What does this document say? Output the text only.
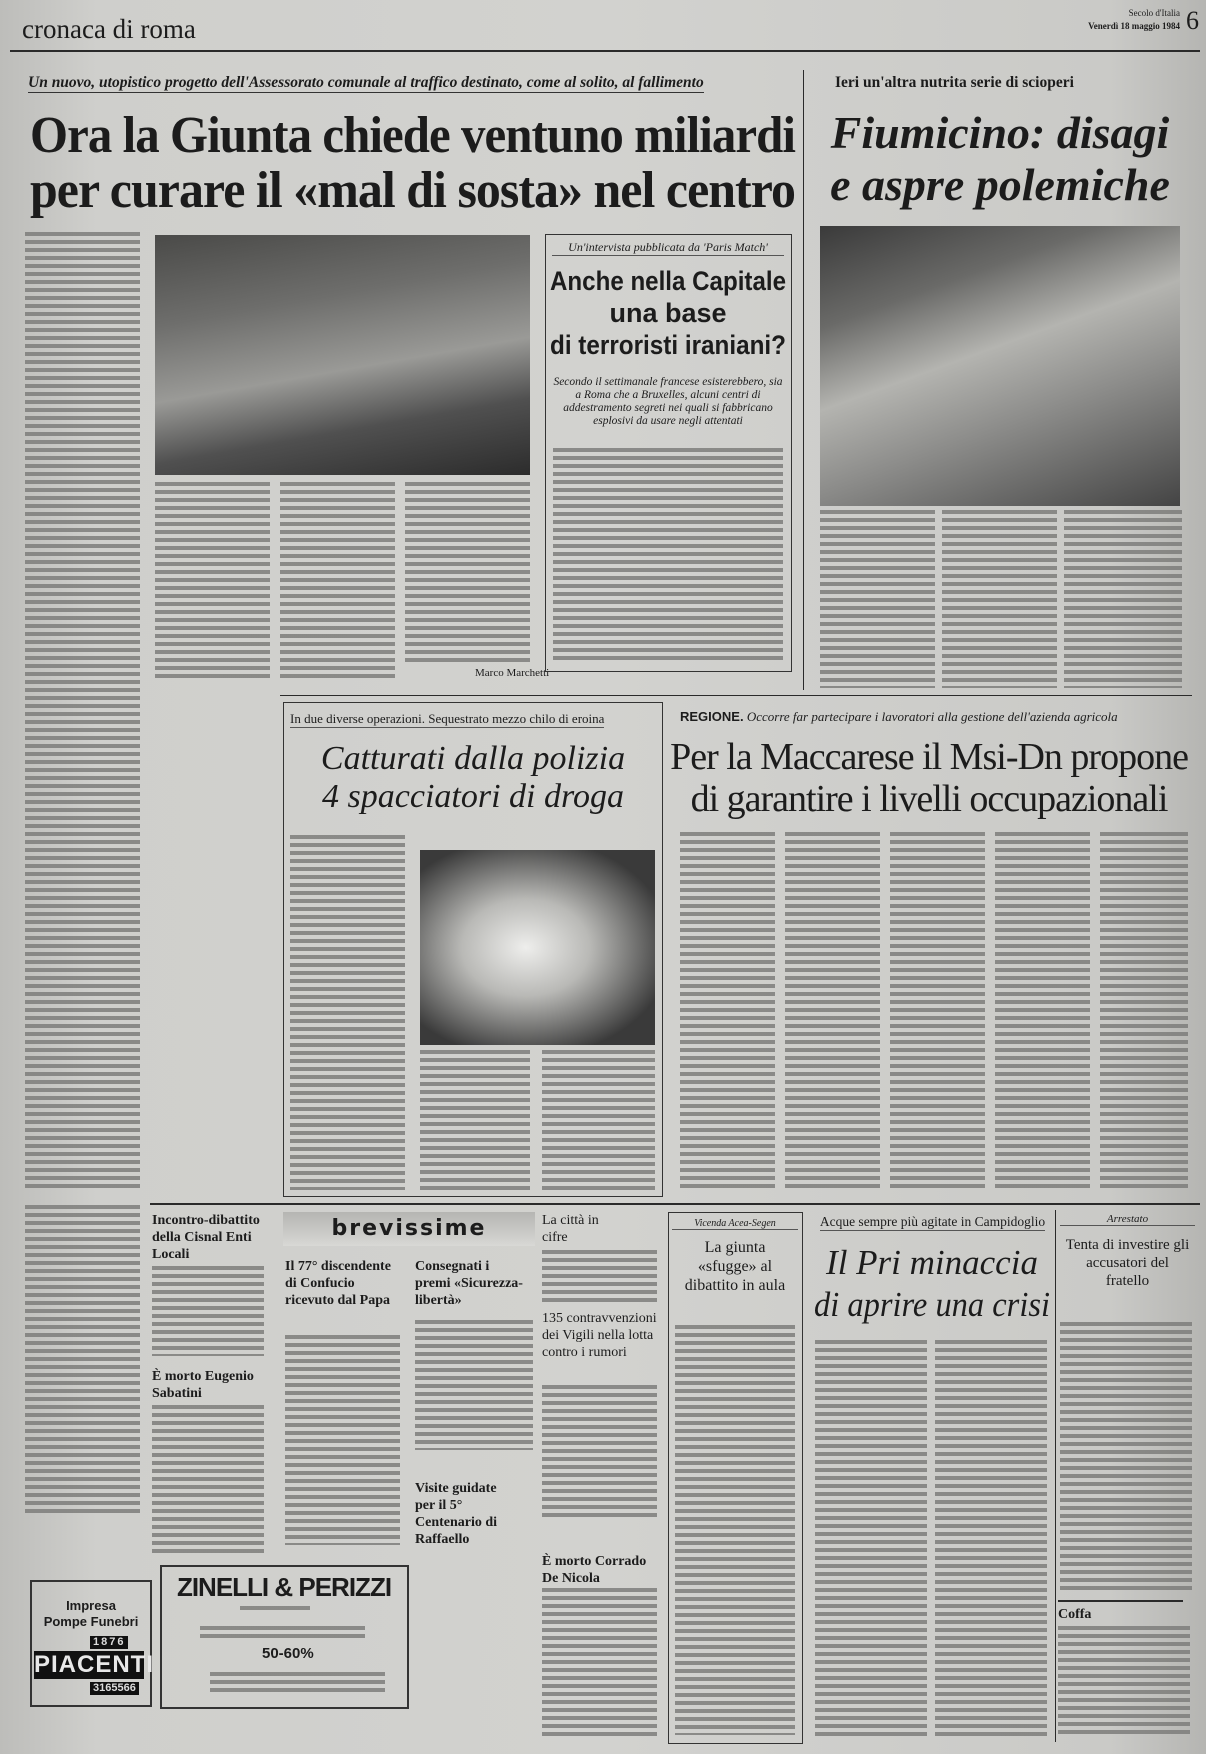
cronaca di roma
Secolo d'Italia
Venerdì 18 maggio 1984 6
Un nuovo, utopistico progetto dell'Assessorato comunale al traffico destinato, come al solito, al fallimento
Ora la Giunta chiede ventuno miliardi
per curare il «mal di sosta» nel centro
Marco Marchetti
Un'intervista pubblicata da 'Paris Match'
Anche nella Capitale
una base
di terroristi iraniani?
Secondo il settimanale francese esisterebbero, sia a Roma che a Bruxelles, alcuni centri di addestramento segreti nei quali si fabbricano esplosivi da usare negli attentati
Ieri un'altra nutrita serie di scioperi
Fiumicino: disagi
e aspre polemiche
In due diverse operazioni. Sequestrato mezzo chilo di eroina
Catturati dalla polizia
4 spacciatori di droga
REGIONE. Occorre far partecipare i lavoratori alla gestione dell'azienda agricola
Per la Maccarese il Msi-Dn propone
di garantire i livelli occupazionali
Incontro-dibattito della Cisnal Enti Locali
È morto Eugenio Sabatini
brevissime
Il 77° discendente di Confucio ricevuto dal Papa
Consegnati i premi «Sicurezza-libertà»
Visite guidate per il 5° Centenario di Raffaello
Impresa
Pompe Funebri
1876
PIACENTI
3165566
ZINELLI & PERIZZI
50-60%
La città in cifre
135 contravvenzioni dei Vigili nella lotta contro i rumori
È morto Corrado De Nicola
Vicenda Acea-Segen
La giunta «sfugge» al dibattito in aula
Acque sempre più agitate in Campidoglio
Il Pri minaccia
di aprire una crisi
Arrestato
Tenta di investire gli accusatori del fratello
Coffa
